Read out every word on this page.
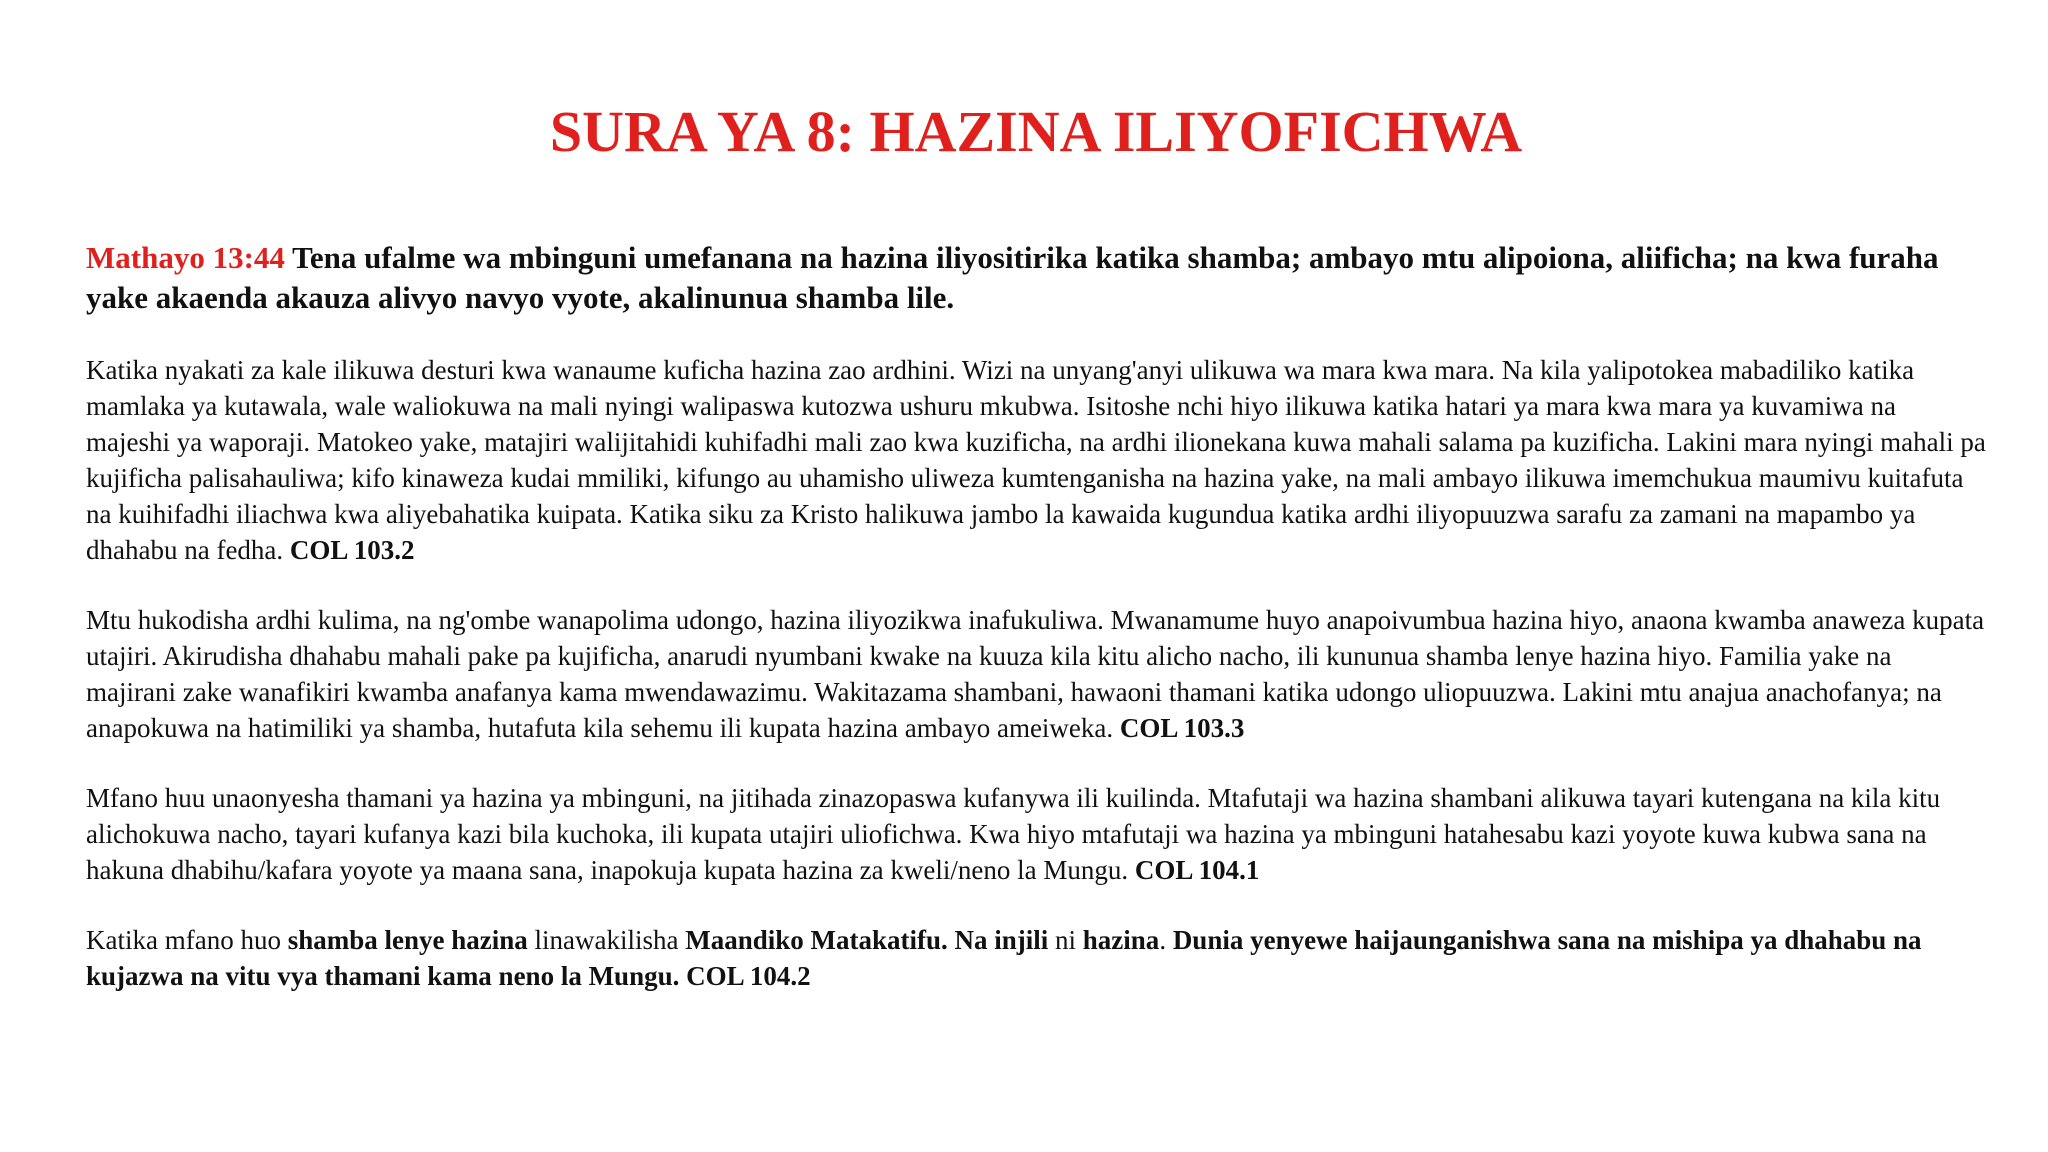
SURA YA 8: HAZINA ILIYOFICHWA
Mathayo 13:44 Tena ufalme wa mbinguni umefanana na hazina iliyositirika katika shamba; ambayo mtu alipoiona, aliificha; na kwa furaha yake akaenda akauza alivyo navyo vyote, akalinunua shamba lile.
Katika nyakati za kale ilikuwa desturi kwa wanaume kuficha hazina zao ardhini. Wizi na unyang'anyi ulikuwa wa mara kwa mara. Na kila yalipotokea mabadiliko katika mamlaka ya kutawala, wale waliokuwa na mali nyingi walipaswa kutozwa ushuru mkubwa. Isitoshe nchi hiyo ilikuwa katika hatari ya mara kwa mara ya kuvamiwa na majeshi ya waporaji. Matokeo yake, matajiri walijitahidi kuhifadhi mali zao kwa kuzificha, na ardhi ilionekana kuwa mahali salama pa kuzificha. Lakini mara nyingi mahali pa kujificha palisahauliwa; kifo kinaweza kudai mmiliki, kifungo au uhamisho uliweza kumtenganisha na hazina yake, na mali ambayo ilikuwa imemchukua maumivu kuitafuta na kuihifadhi iliachwa kwa aliyebahatika kuipata. Katika siku za Kristo halikuwa jambo la kawaida kugundua katika ardhi iliyopuuzwa sarafu za zamani na mapambo ya dhahabu na fedha. COL 103.2
Mtu hukodisha ardhi kulima, na ng'ombe wanapolima udongo, hazina iliyozikwa inafukuliwa. Mwanamume huyo anapoivumbua hazina hiyo, anaona kwamba anaweza kupata utajiri. Akirudisha dhahabu mahali pake pa kujificha, anarudi nyumbani kwake na kuuza kila kitu alicho nacho, ili kununua shamba lenye hazina hiyo. Familia yake na majirani zake wanafikiri kwamba anafanya kama mwendawazimu. Wakitazama shambani, hawaoni thamani katika udongo uliopuuzwa. Lakini mtu anajua anachofanya; na anapokuwa na hatimiliki ya shamba, hutafuta kila sehemu ili kupata hazina ambayo ameiweka. COL 103.3
Mfano huu unaonyesha thamani ya hazina ya mbinguni, na jitihada zinazopaswa kufanywa ili kuilinda. Mtafutaji wa hazina shambani alikuwa tayari kutengana na kila kitu alichokuwa nacho, tayari kufanya kazi bila kuchoka, ili kupata utajiri uliofichwa. Kwa hiyo mtafutaji wa hazina ya mbinguni hatahesabu kazi yoyote kuwa kubwa sana na hakuna dhabihu/kafara yoyote ya maana sana, inapokuja kupata hazina za kweli/neno la Mungu. COL 104.1
Katika mfano huo shamba lenye hazina linawakilisha Maandiko Matakatifu. Na injili ni hazina. Dunia yenyewe haijaunganishwa sana na mishipa ya dhahabu na kujazwa na vitu vya thamani kama neno la Mungu. COL 104.2
